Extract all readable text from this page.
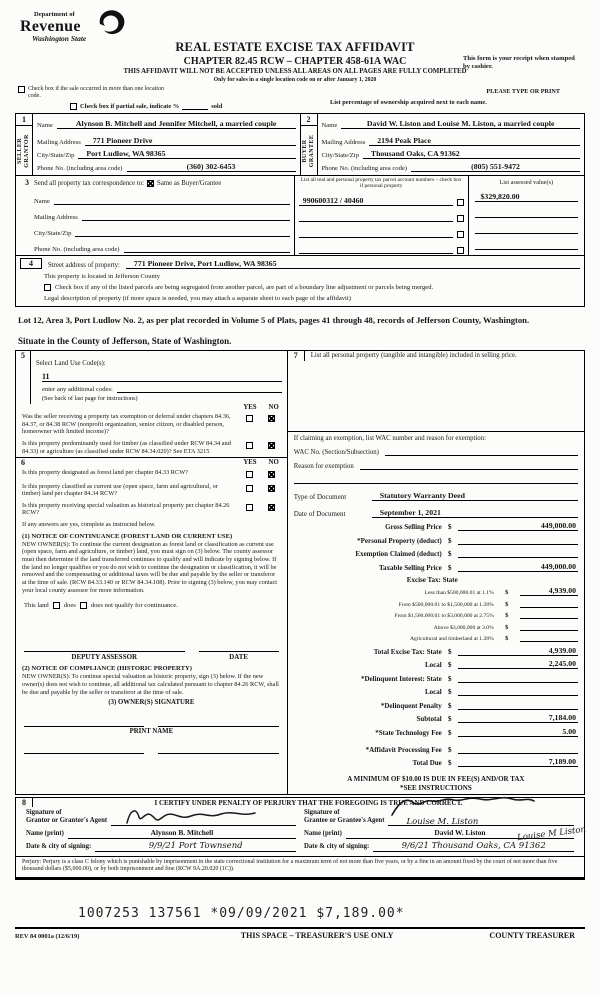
Department of
Revenue
Washington State
REAL ESTATE EXCISE TAX AFFIDAVIT
CHAPTER 82.45 RCW – CHAPTER 458-61A WAC
THIS AFFIDAVIT WILL NOT BE ACCEPTED UNLESS ALL AREAS ON ALL PAGES ARE FULLY COMPLETED
Only for sales in a single location code on or after January 1, 2020
This form is your receipt when stamped by cashier.
PLEASE TYPE OR PRINT
Check box if the sale occurred in more than one location code.
Check box if partial sale, indicate %	sold
List percentage of ownership acquired next to each name.
1
SELLER
GRANTOR
Name	Alynson B. Mitchell and Jennifer Mitchell, a married couple
Mailing Address	771 Pioneer Drive
City/State/Zip	Port Ludlow, WA 98365
Phone No. (including area code)	(360) 302-6453
2
BUYER
GRANTEE
Name	David W. Liston and Louise M. Liston, a married couple
Mailing Address	2194 Peak Place
City/State/Zip	Thousand Oaks, CA 91362
Phone No. (including area code)	(805) 551-9472
3 Send all property tax correspondence to: Same as Buyer/Grantee
Name
Mailing Address
City/State/Zip
Phone No. (including area code)
List all real and personal property tax parcel account numbers – check box if personal property
990600312 / 40460
List assessed value(s)
$329,820.00
4	Street address of property:	771 Pioneer Drive, Port Ludlow, WA 98365
This property is located in Jefferson County
Check box if any of the listed parcels are being segregated from another parcel, are part of a boundary line adjustment or parcels being merged.
Legal description of property (if more space is needed, you may attach a separate sheet to each page of the affidavit)
Lot 12, Area 3, Port Ludlow No. 2, as per plat recorded in Volume 5 of Plats, pages 41 through 48, records of Jefferson County, Washington.
Situate in the County of Jefferson, State of Washington.
5
Select Land Use Code(s):
11
enter any additional codes:
(See back of last page for instructions)
YES NO
Was the seller receiving a property tax exemption or deferral under chapters 84.36, 84.37, or 84.38 RCW (nonprofit organization, senior citizen, or disabled person, homeowner with limited income)?
Is this property predominantly used for timber (as classified under RCW 84.34 and 84.33) or agriculture (as classified under RCW 84.34.020)? See ETA 3215
6	YES NO
Is this property designated as forest land per chapter 84.33 RCW?
Is this property classified as current use (open space, farm and agricultural, or timber) land per chapter 84.34 RCW?
Is this property receiving special valuation as historical property per chapter 84.26 RCW?
If any answers are yes, complete as instructed below.
(1) NOTICE OF CONTINUANCE (FOREST LAND OR CURRENT USE)
NEW OWNER(S): To continue the current designation as forest land or classification as current use (open space, farm and agriculture, or timber) land, you must sign on (3) below. The county assessor must then determine if the land transferred continues to qualify and will indicate by signing below. If the land no longer qualifies or you do not wish to continue the designation or classification, it will be removed and the compensating or additional taxes will be due and payable by the seller or transferor at the time of sale. (RCW 84.33.140 or RCW 84.34.108). Prior to signing (3) below, you may contact your local county assessor for more information.
This land does does not qualify for continuance.
DEPUTY ASSESSOR	DATE
(2) NOTICE OF COMPLIANCE (HISTORIC PROPERTY)
NEW OWNER(S): To continue special valuation as historic property, sign (3) below. If the new owner(s) does not wish to continue, all additional tax calculated pursuant to chapter 84.26 RCW, shall be due and payable by the seller or transferor at the time of sale.
(3) OWNER(S) SIGNATURE
PRINT NAME
7	List all personal property (tangible and intangible) included in selling price.
If claiming an exemption, list WAC number and reason for exemption:
WAC No. (Section/Subsection)
Reason for exemption
Type of Document	Statutory Warranty Deed
Date of Document	September 1, 2021
Gross Selling Price $	449,000.00
*Personal Property (deduct) $
Exemption Claimed (deduct) $
Taxable Selling Price $	449,000.00
Excise Tax: State
Less than $500,000.01 at 1.1%	$	4,939.00
From $500,000.01 to $1,500,000 at 1.28%	$
From $1,500,000.01 to $3,000,000 at 2.75%	$
Above $3,000,000 at 3.0%	$
Agricultural and timberland at 1.28%	$
Total Excise Tax: State $	4,939.00
Local $	2,245.00
*Delinquent Interest: State $
Local $
*Delinquent Penalty $
Subtotal $	7,184.00
*State Technology Fee $	5.00
*Affidavit Processing Fee $
Total Due $	7,189.00
A MINIMUM OF $10.00 IS DUE IN FEE(S) AND/OR TAX
*SEE INSTRUCTIONS
8	I CERTIFY UNDER PENALTY OF PERJURY THAT THE FOREGOING IS TRUE AND CORRECT.
Signature of
Grantor or Grantor's Agent
Name (print)	Alynson B. Mitchell
Date & city of signing:	9/9/21 Port Townsend
Signature of
Grantee or Grantee's Agent	Louise M. Liston
Name (print)	David W. Liston	Louise M Liston
Date & city of signing:	9/6/21 Thousand Oaks, CA 91362
Perjury: Perjury is a class C felony which is punishable by imprisonment in the state correctional institution for a maximum term of not more than five years, or by a fine in an amount fixed by the court of not more than five thousand dollars ($5,000.00), or by both imprisonment and fine (RCW 9A.20.020 (1C)).
1007253 137561 *09/09/2021 $7,189.00*
REV 84 0001a (12/6/19)	THIS SPACE – TREASURER'S USE ONLY	COUNTY TREASURER
